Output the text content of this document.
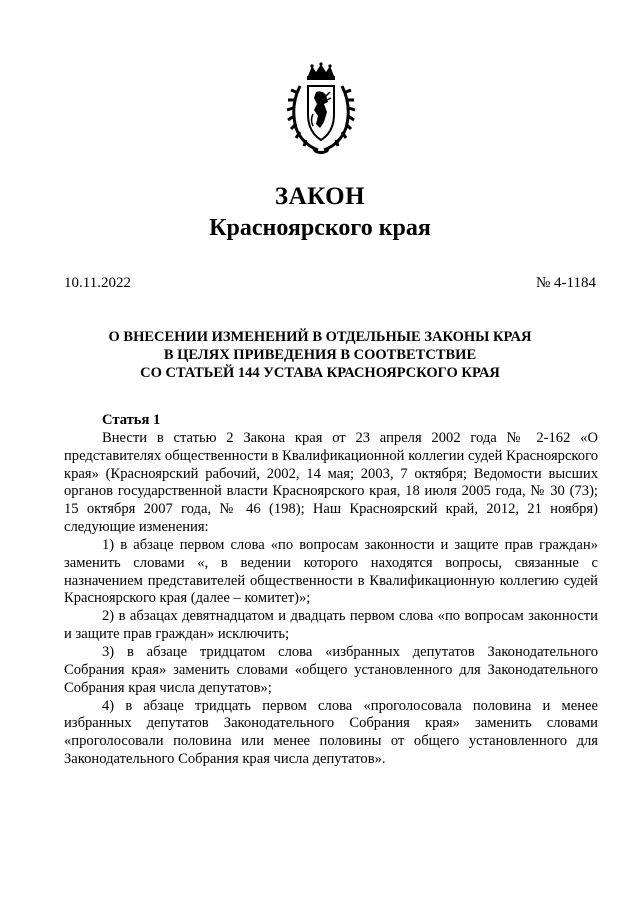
ЗАКОН
Красноярского края
10.11.2022	№ 4-1184
О ВНЕСЕНИИ ИЗМЕНЕНИЙ В ОТДЕЛЬНЫЕ ЗАКОНЫ КРАЯ
В ЦЕЛЯХ ПРИВЕДЕНИЯ В СООТВЕТСТВИЕ
СО СТАТЬЕЙ 144 УСТАВА КРАСНОЯРСКОГО КРАЯ
Статья 1

Внести в статью 2 Закона края от 23 апреля 2002 года № 2-162 «О представителях общественности в Квалификационной коллегии судей Красноярского края» (Красноярский рабочий, 2002, 14 мая; 2003, 7 октября; Ведомости высших органов государственной власти Красноярского края, 18 июля 2005 года, № 30 (73); 15 октября 2007 года, № 46 (198); Наш Красноярский край, 2012, 21 ноября) следующие изменения:

1) в абзаце первом слова «по вопросам законности и защите прав граждан» заменить словами «, в ведении которого находятся вопросы, связанные с назначением представителей общественности в Квалификационную коллегию судей Красноярского края (далее – комитет)»;

2) в абзацах девятнадцатом и двадцать первом слова «по вопросам законности и защите прав граждан» исключить;

3) в абзаце тридцатом слова «избранных депутатов Законодательного Собрания края» заменить словами «общего установленного для Законодательного Собрания края числа депутатов»;

4) в абзаце тридцать первом слова «проголосовала половина и менее избранных депутатов Законодательного Собрания края» заменить словами «проголосовали половина или менее половины от общего установленного для Законодательного Собрания края числа депутатов».
